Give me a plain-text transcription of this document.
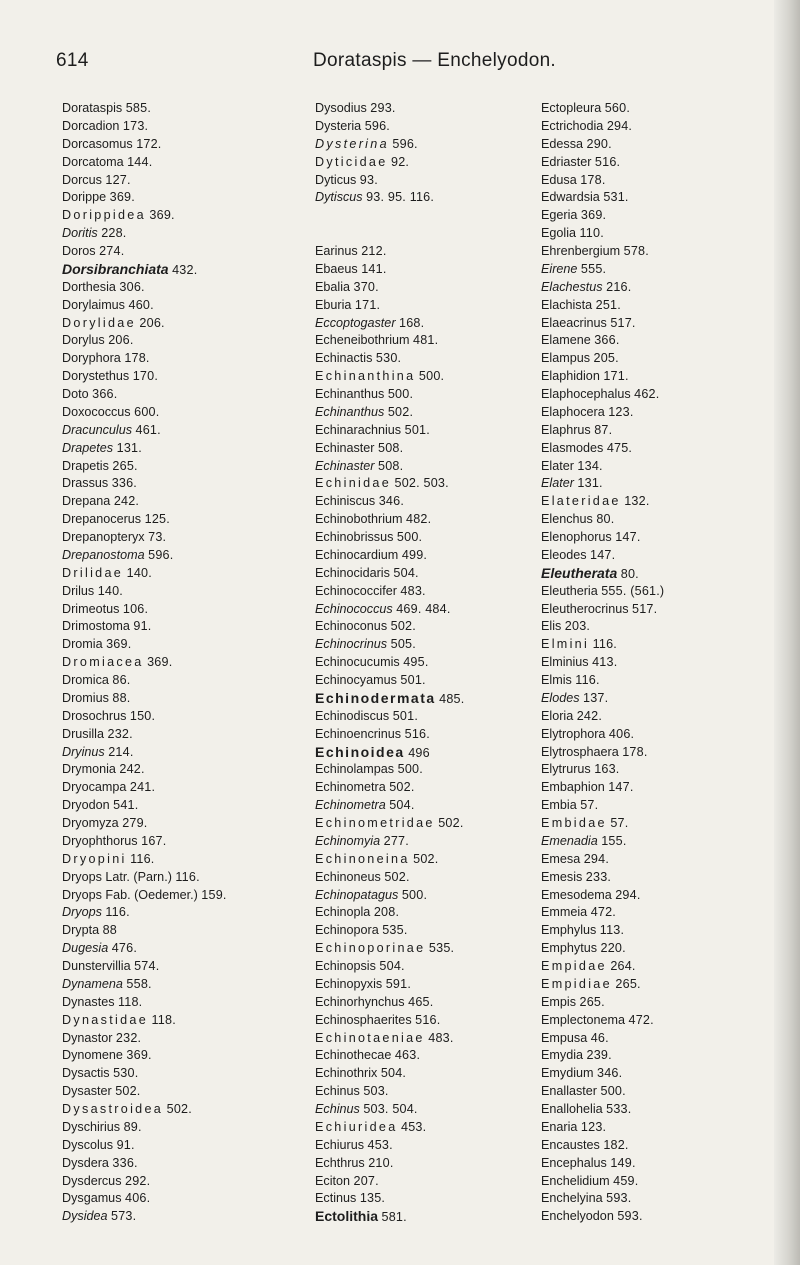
614	Dorataspis — Enchelyodon.
Dorataspis 585.
Dorcadion 173.
Dorcasomus 172.
Dorcatoma 144.
Dorcus 127.
Dorippe 369.
Dorippidea 369.
Doritis 228.
Doros 274.
Dorsibranchiata 432.
Dorthesia 306.
Dorylaimus 460.
Dorylidae 206.
Dorylus 206.
Doryphora 178.
Dorystethus 170.
Doto 366.
Doxococcus 600.
Dracunculus 461.
Drapetes 131.
Drapetis 265.
Drassus 336.
Drepana 242.
Drepanocerus 125.
Drepanopteryx 73.
Drepanostoma 596.
Drilidae 140.
Drilus 140.
Drimeotus 106.
Drimostoma 91.
Dromia 369.
Dromiacea 369.
Dromica 86.
Dromius 88.
Drosochrus 150.
Drusilla 232.
Dryinus 214.
Drymonia 242.
Dryocampa 241.
Dryodon 541.
Dryomyza 279.
Dryophthorus 167.
Dryopini 116.
Dryops Latr. (Parn.) 116.
Dryops Fab. (Oedemer.) 159.
Dryops 116.
Drypta 88
Dugesia 476.
Dunstervillia 574.
Dynamena 558.
Dynastes 118.
Dynastidae 118.
Dynastor 232.
Dynomene 369.
Dysactis 530.
Dysaster 502.
Dysastroidea 502.
Dyschirius 89.
Dyscolus 91.
Dysdera 336.
Dysdercus 292.
Dysgamus 406.
Dysidea 573.
Dysodius 293.
Dysteria 596.
Dysterina 596.
Dyticidae 92.
Dyticus 93.
Dytiscus 93. 95. 116.
Earinus 212.
Ebaeus 141.
Ebalia 370.
Eburia 171.
Eccoptogaster 168.
Echeneibothrium 481.
Echinactis 530.
Echinanthina 500.
Echinanthus 500.
Echinanthus 502.
Echinarachnius 501.
Echinaster 508.
Echinaster 508.
Echinidae 502. 503.
Echiniscus 346.
Echinobothrium 482.
Echinobrissus 500.
Echinocardium 499.
Echinocidaris 504.
Echinococcifer 483.
Echinococcus 469. 484.
Echinoconus 502.
Echinocrinus 505.
Echinocucumis 495.
Echinocyamus 501.
Echinodermata 485.
Echinodiscus 501.
Echinoencrinus 516.
Echinoidea 496
Echinolampas 500.
Echinometra 502.
Echinometra 504.
Echinometridae 502.
Echinomyia 277.
Echinoneina 502.
Echinoneus 502.
Echinopatagus 500.
Echinopla 208.
Echinopora 535.
Echinoporinae 535.
Echinopsis 504.
Echinopyxis 591.
Echinorhynchus 465.
Echinosphaerites 516.
Echinotaeniae 483.
Echinothecae 463.
Echinothrix 504.
Echinus 503.
Echinus 503. 504.
Echiuridea 453.
Echiurus 453.
Echthrus 210.
Eciton 207.
Ectinus 135.
Ectolithia 581.
Ectopleura 560.
Ectrichodia 294.
Edessa 290.
Edriaster 516.
Edusa 178.
Edwardsia 531.
Egeria 369.
Egolia 110.
Ehrenbergium 578.
Eirene 555.
Elachestus 216.
Elachista 251.
Elaeacrinus 517.
Elamene 366.
Elampus 205.
Elaphidion 171.
Elaphocephalus 462.
Elaphocera 123.
Elaphrus 87.
Elasmodes 475.
Elater 134.
Elater 131.
Elateridae 132.
Elenchus 80.
Elenophorus 147.
Eleodes 147.
Eleutherata 80.
Eleutheria 555. (561.)
Eleutherocrinus 517.
Elis 203.
Elmini 116.
Elminius 413.
Elmis 116.
Elodes 137.
Eloria 242.
Elytrophora 406.
Elytrosphaera 178.
Elytrurus 163.
Embaphion 147.
Embia 57.
Embidae 57.
Emenadia 155.
Emesa 294.
Emesis 233.
Emesodema 294.
Emmeia 472.
Emphylus 113.
Emphytus 220.
Empidae 264.
Empidiae 265.
Empis 265.
Emplectonema 472.
Empusa 46.
Emydia 239.
Emydium 346.
Enallaster 500.
Enallohelia 533.
Enaria 123.
Encaustes 182.
Encephalus 149.
Enchelidium 459.
Enchelyina 593.
Enchelyodon 593.
